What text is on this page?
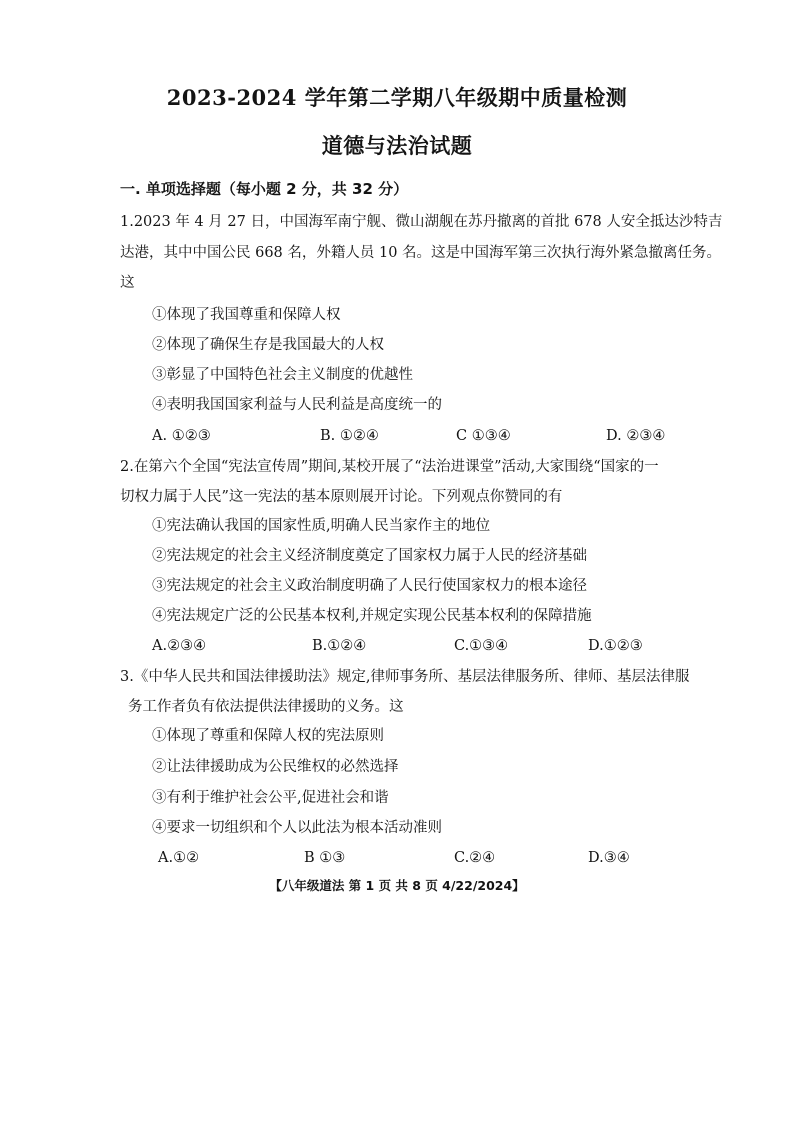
2023-2024 学年第二学期八年级期中质量检测
道德与法治试题
一. 单项选择题（每小题 2 分，共 32 分）
1.2023 年 4 月 27 日，中国海军南宁舰、微山湖舰在苏丹撤离的首批 678 人安全抵达沙特吉
达港，其中中国公民 668 名，外籍人员 10 名。这是中国海军第三次执行海外紧急撤离任务。
这
①体现了我国尊重和保障人权
②体现了确保生存是我国最大的人权
③彰显了中国特色社会主义制度的优越性
④表明我国国家利益与人民利益是高度统一的
A. ①②③	B. ①②④	C ①③④	D. ②③④
2.在第六个全国“宪法宣传周”期间,某校开展了“法治进课堂”活动,大家围绕“国家的一
切权力属于人民”这一宪法的基本原则展开讨论。下列观点你赞同的有
①宪法确认我国的国家性质,明确人民当家作主的地位
②宪法规定的社会主义经济制度奠定了国家权力属于人民的经济基础
③宪法规定的社会主义政治制度明确了人民行使国家权力的根本途径
④宪法规定广泛的公民基本权利,并规定实现公民基本权利的保障措施
A.②③④	B.①②④	C.①③④	D.①②③
3.《中华人民共和国法律援助法》规定,律师事务所、基层法律服务所、律师、基层法律服
务工作者负有依法提供法律援助的义务。这
①体现了尊重和保障人权的宪法原则
②让法律援助成为公民维权的必然选择
③有利于维护社会公平,促进社会和谐
④要求一切组织和个人以此法为根本活动准则
A.①②	B ①③	C.②④	D.③④
【八年级道法 第 1 页 共 8 页 4/22/2024】
